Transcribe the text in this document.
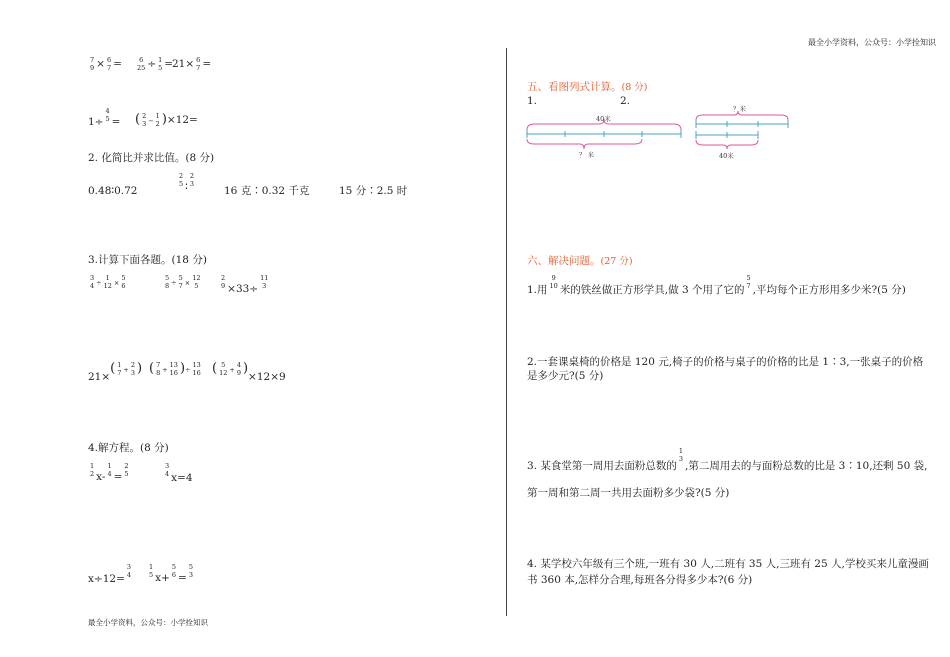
最全小学资料，公众号：小学拴知识
最全小学资料，公众号：小学拴知识
7
9 × 6
7 =	6
25 ÷ 1
5 =
21× 6
7 =
1÷
4
5 = ( 2
3 −
1
2 )×12=
2. 化简比并求比值。(8 分)
0.48∶0.72
2
5 ∶
2
3
16 克∶0.32 千克	15 分∶2.5 时
3.计算下面各题。(18 分)
3
4 ÷
1
12 ×
5
6
5
8 ÷
5
7 ×
12
5
2
9 ×33÷
11
3
21×( 1
7 +
2
3 ) ( 7
8 +
13
16 )÷
13
16 ( 5
12 +
4
9 )×12×9
4.解方程。(8 分)
1
2 x-
1
4 =
2
5
3
4 x=4
x÷12=
3
4
1
5 x+
5
6 =
5
3
五、看图列式计算。(8 分)
1.	2.
40米
？ 米
？米
40米
六、解决问题。(27 分)
1.用
9
10 米的铁丝做正方形学具,做 3 个用了它的
5
7 ,平均每个正方形用多少米?(5 分)
2.一套课桌椅的价格是 120 元,椅子的价格与桌子的价格的比是 1∶3,一张桌子的价格
是多少元?(5 分)
3. 某食堂第一周用去面粉总数的
1
3
,第二周用去的与面粉总数的比是 3∶10,还剩 50 袋,
第一周和第二周一共用去面粉多少袋?(5 分)
4. 某学校六年级有三个班,一班有 30 人,二班有 35 人,三班有 25 人,学校买来儿童漫画
书 360 本,怎样分合理,每班各分得多少本?(6 分)
